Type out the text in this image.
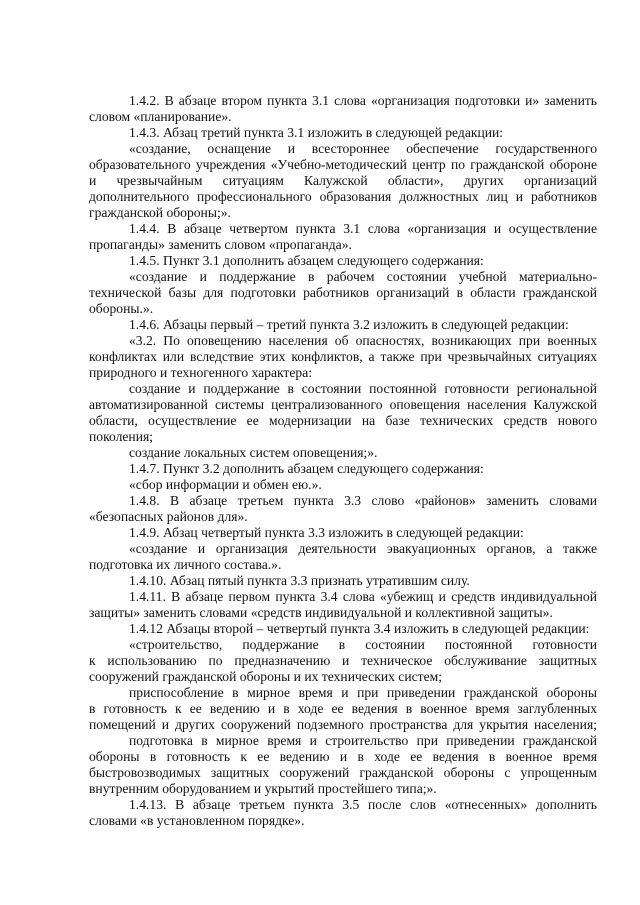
1.4.2. В абзаце втором пункта 3.1 слова «организация подготовки и» заменить
словом «планирование».
1.4.3. Абзац третий пункта 3.1 изложить в следующей редакции:
«создание, оснащение и всестороннее обеспечение государственного
образовательного учреждения «Учебно-методический центр по гражданской обороне
и чрезвычайным ситуациям Калужской области», других организаций
дополнительного профессионального образования должностных лиц и работников
гражданской обороны;».
1.4.4. В абзаце четвертом пункта 3.1 слова «организация и осуществление
пропаганды» заменить словом «пропаганда».
1.4.5. Пункт 3.1 дополнить абзацем следующего содержания:
«создание и поддержание в рабочем состоянии учебной материально-
технической базы для подготовки работников организаций в области гражданской
обороны.».
1.4.6. Абзацы первый – третий пункта 3.2 изложить в следующей редакции:
«3.2. По оповещению населения об опасностях, возникающих при военных
конфликтах или вследствие этих конфликтов, а также при чрезвычайных ситуациях
природного и техногенного характера:
создание и поддержание в состоянии постоянной готовности региональной
автоматизированной системы централизованного оповещения населения Калужской
области, осуществление ее модернизации на базе технических средств нового
поколения;
создание локальных систем оповещения;».
1.4.7. Пункт 3.2 дополнить абзацем следующего содержания:
«сбор информации и обмен ею.».
1.4.8. В абзаце третьем пункта 3.3 слово «районов» заменить словами
«безопасных районов для».
1.4.9. Абзац четвертый пункта 3.3 изложить в следующей редакции:
«создание и организация деятельности эвакуационных органов, а также
подготовка их личного состава.».
1.4.10. Абзац пятый пункта 3.3 признать утратившим силу.
1.4.11. В абзаце первом пункта 3.4 слова «убежищ и средств индивидуальной
защиты» заменить словами «средств индивидуальной и коллективной защиты».
1.4.12 Абзацы второй – четвертый пункта 3.4 изложить в следующей редакции:
«строительство, поддержание в состоянии постоянной готовности
к использованию по предназначению и техническое обслуживание защитных
сооружений гражданской обороны и их технических систем;
приспособление в мирное время и при приведении гражданской обороны
в готовность к ее ведению и в ходе ее ведения в военное время заглубленных
помещений и других сооружений подземного пространства для укрытия населения;
подготовка в мирное время и строительство при приведении гражданской
обороны в готовность к ее ведению и в ходе ее ведения в военное время
быстровозводимых защитных сооружений гражданской обороны с упрощенным
внутренним оборудованием и укрытий простейшего типа;».
1.4.13. В абзаце третьем пункта 3.5 после слов «отнесенных» дополнить
словами «в установленном порядке».
